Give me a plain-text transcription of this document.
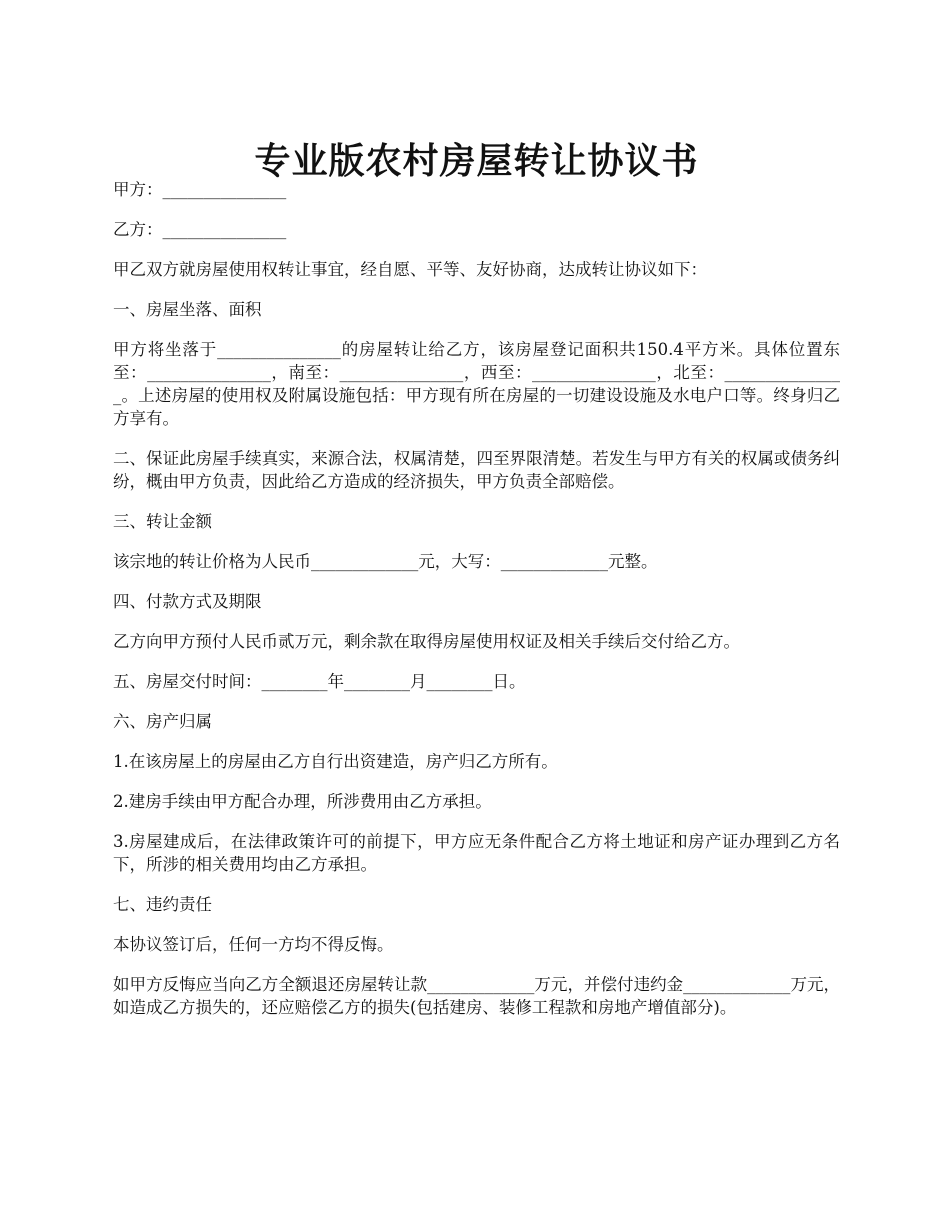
专业版农村房屋转让协议书

甲方：_______________

乙方：_______________

甲乙双方就房屋使用权转让事宜，经自愿、平等、友好协商，达成转让协议如下：

一、房屋坐落、面积

甲方将坐落于_______________的房屋转让给乙方，该房屋登记面积共150.4平方米。具体位置东至：_______________，南至：_______________，西至：_______________，北至：_______________。上述房屋的使用权及附属设施包括：甲方现有所在房屋的一切建设设施及水电户口等。终身归乙方享有。

二、保证此房屋手续真实，来源合法，权属清楚，四至界限清楚。若发生与甲方有关的权属或债务纠纷，概由甲方负责，因此给乙方造成的经济损失，甲方负责全部赔偿。

三、转让金额

该宗地的转让价格为人民币_____________元，大写：_____________元整。

四、付款方式及期限

乙方向甲方预付人民币贰万元，剩余款在取得房屋使用权证及相关手续后交付给乙方。

五、房屋交付时间：________年________月________日。

六、房产归属

1.在该房屋上的房屋由乙方自行出资建造，房产归乙方所有。

2.建房手续由甲方配合办理，所涉费用由乙方承担。

3.房屋建成后，在法律政策许可的前提下，甲方应无条件配合乙方将土地证和房产证办理到乙方名下，所涉的相关费用均由乙方承担。

七、违约责任

本协议签订后，任何一方均不得反悔。

如甲方反悔应当向乙方全额退还房屋转让款_____________万元，并偿付违约金_____________万元，如造成乙方损失的，还应赔偿乙方的损失(包括建房、装修工程款和房地产增值部分)。
